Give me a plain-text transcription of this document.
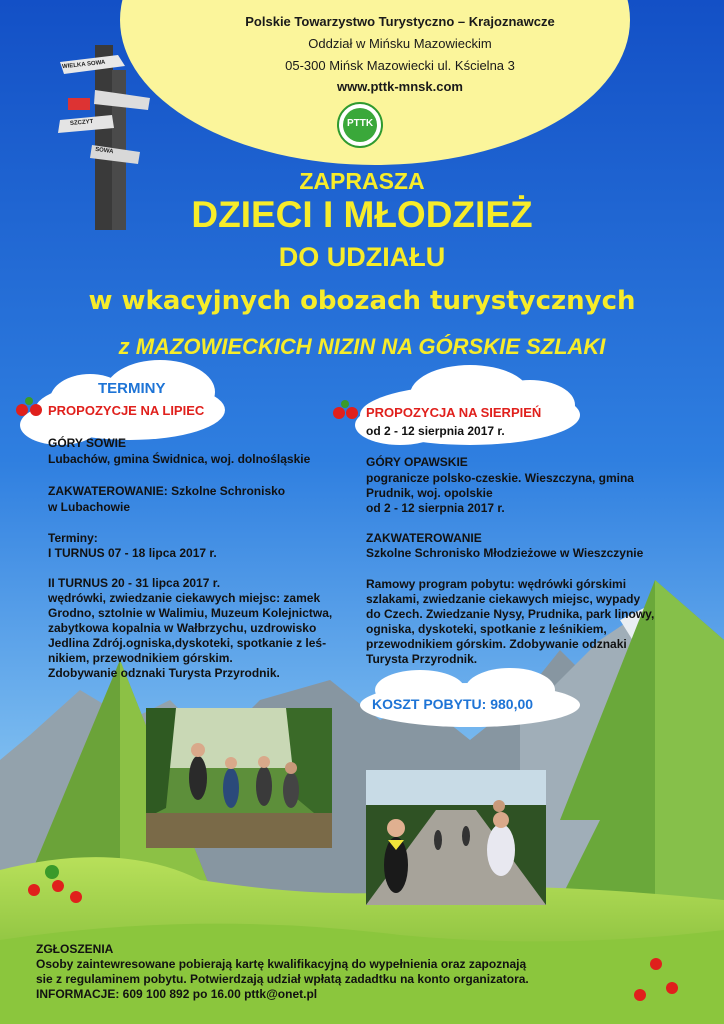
WIELKA SOWA
SZCZYT
SOWA
Polskie Towarzystwo Turystyczno – Krajoznawcze
Oddział w Mińsku Mazowieckim
05-300 Mińsk Mazowiecki ul. Kścielna 3
www.pttk-mnsk.com
PTTK
ZAPRASZA
DZIECI I MŁODZIEŻ
DO UDZIAŁU
w wkacyjnych obozach turystycznych
z MAZOWIECKICH NIZIN NA GÓRSKIE SZLAKI
TERMINY
PROPOZYCJE NA LIPIEC
GÓRY SOWIE
Lubachów, gmina Świdnica, woj. dolnośląskie
ZAKWATEROWANIE: Szkolne Schronisko
w Lubachowie
Terminy:
I TURNUS 07 - 18 lipca 2017 r.
II TURNUS 20 - 31 lipca 2017 r.
wędrówki, zwiedzanie ciekawych miejsc: zamek
Grodno, sztolnie w Walimiu, Muzeum Kolejnictwa,
zabytkowa kopalnia w Wałbrzychu, uzdrowisko
Jedlina Zdrój.ogniska,dyskoteki, spotkanie z leś-
nikiem, przewodnikiem górskim.
Zdobywanie odznaki Turysta Przyrodnik.
PROPOZYCJA NA SIERPIEŃ
od 2 - 12 sierpnia 2017 r.
GÓRY OPAWSKIE
pogranicze polsko-czeskie. Wieszczyna, gmina
Prudnik, woj. opolskie
od 2 - 12 sierpnia 2017 r.
ZAKWATEROWANIE
Szkolne Schronisko Młodzieżowe w Wieszczynie
Ramowy program pobytu: wędrówki górskimi
szlakami, zwiedzanie ciekawych miejsc, wypady
do Czech. Zwiedzanie Nysy, Prudnika, park linowy,
ogniska, dyskoteki, spotkanie z leśnikiem,
przewodnikiem górskim. Zdobywanie odznaki
Turysta Przyrodnik.
KOSZT POBYTU: 980,00
ZGŁOSZENIA
Osoby zaintewresowane pobierają kartę kwalifikacyjną do wypełnienia oraz zapoznają
sie z regulaminem pobytu. Potwierdzają udział wpłatą zadadtku na konto organizatora.
INFORMACJE: 609 100 892 po 16.00 pttk@onet.pl
